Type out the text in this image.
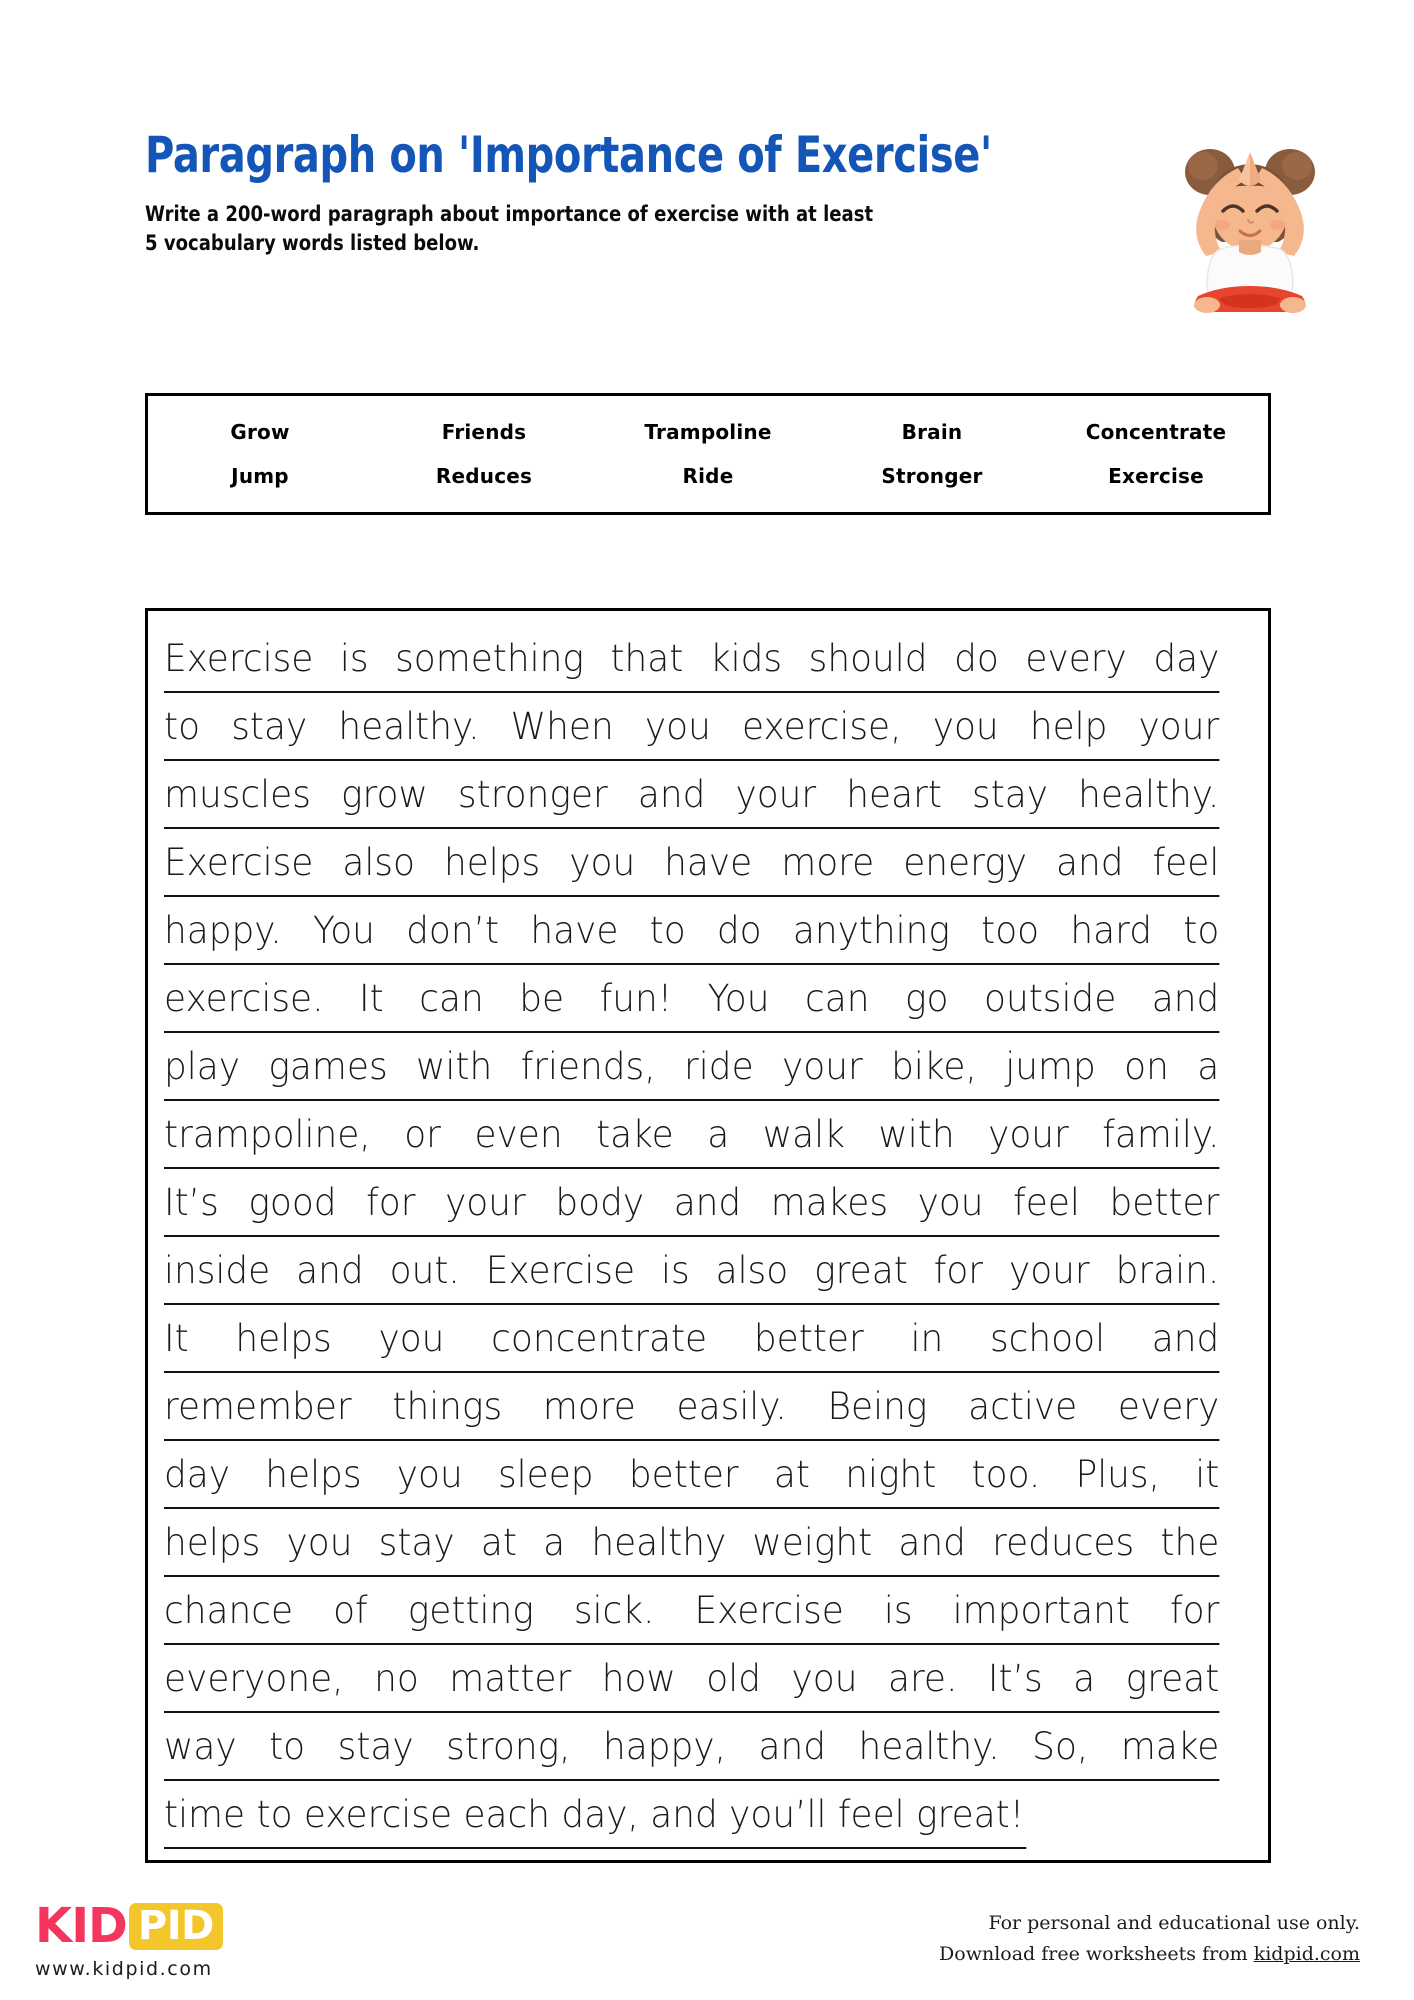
Paragraph on 'Importance of Exercise'
Write a 200-word paragraph about importance of exercise with at least
5 vocabulary words listed below.
Grow	Friends	Trampoline	Brain	Concentrate
Jump	Reduces	Ride	Stronger	Exercise
Exercise is something that kids should do every day
to stay healthy. When you exercise, you help your
muscles grow stronger and your heart stay healthy.
Exercise also helps you have more energy and feel
happy. You don’t have to do anything too hard to
exercise. It can be fun! You can go outside and
play games with friends, ride your bike, jump on a
trampoline, or even take a walk with your family.
It’s good for your body and makes you feel better
inside and out. Exercise is also great for your brain.
It helps you concentrate better in school and
remember things more easily. Being active every
day helps you sleep better at night too. Plus, it
helps you stay at a healthy weight and reduces the
chance of getting sick. Exercise is important for
everyone, no matter how old you are. It’s a great
way to stay strong, happy, and healthy. So, make
time to exercise each day, and you’ll feel great!
KID PID
www.kidpid.com
For personal and educational use only.
Download free worksheets from kidpid.com
